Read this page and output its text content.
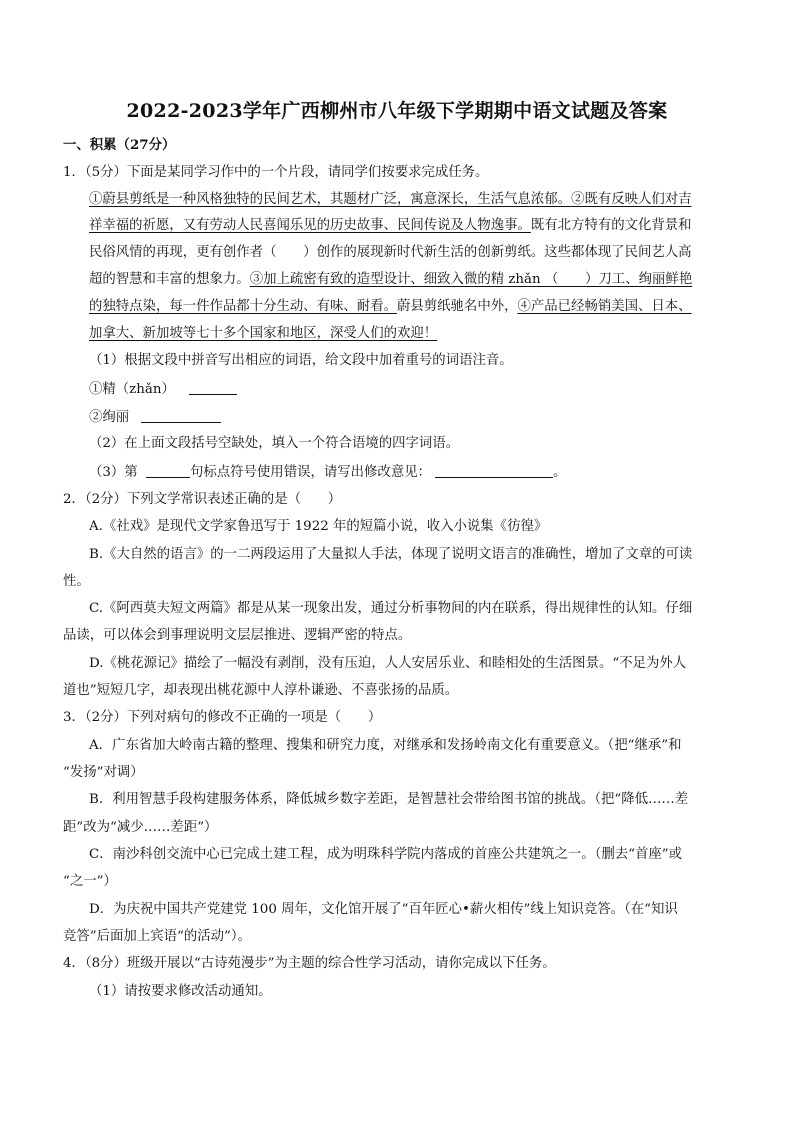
2022-2023学年广西柳州市八年级下学期期中语文试题及答案
一、积累（27分）
1．（5分）下面是某同学习作中的一个片段，请同学们按要求完成任务。
①蔚县剪纸是一种风格独特的民间艺术，其题材广泛，寓意深长，生活气息浓郁。②既有反映人们对吉
祥幸福的祈愿，又有劳动人民喜闻乐见的历史故事、民间传说及人物逸事。既有北方特有的文化背景和
民俗风情的再现，更有创作者（　　）创作的展现新时代新生活的创新剪纸。这些都体现了民间艺人高
超的智慧和丰富的想象力。③加上疏密有致的造型设计、细致入微的精 zhǎn （　　）刀工、绚丽鲜艳
的独特点染，每一件作品都十分生动、有味、耐看。蔚县剪纸驰名中外，④产品已经畅销美国、日本、
加拿大、新加坡等七十多个国家和地区，深受人们的欢迎！
（1）根据文段中拼音写出相应的词语，给文段中加着重号的词语注音。
①精（zhǎn）
②绚丽
（2）在上面文段括号空缺处，填入一个符合语境的四字词语。
（3）第	句标点符号使用错误，请写出修改意见：	。
2．（2分）下列文学常识表述正确的是（　　）
A.《社戏》是现代文学家鲁迅写于 1922 年的短篇小说，收入小说集《彷徨》
B.《大自然的语言》的一二两段运用了大量拟人手法，体现了说明文语言的准确性，增加了文章的可读
性。
C.《阿西莫夫短文两篇》都是从某一现象出发，通过分析事物间的内在联系，得出规律性的认知。仔细
品读，可以体会到事理说明文层层推进、逻辑严密的特点。
D.《桃花源记》描绘了一幅没有剥削，没有压迫，人人安居乐业、和睦相处的生活图景。“不足为外人
道也”短短几字，却表现出桃花源中人淳朴谦逊、不喜张扬的品质。
3．（2分）下列对病句的修改不正确的一项是（　　）
A．广东省加大岭南古籍的整理、搜集和研究力度，对继承和发扬岭南文化有重要意义。（把“继承”和
“发扬”对调）
B．利用智慧手段构建服务体系，降低城乡数字差距，是智慧社会带给图书馆的挑战。（把“降低……差
距”改为“减少……差距”）
C．南沙科创交流中心已完成土建工程，成为明珠科学院内落成的首座公共建筑之一。（删去“首座”或
“之一”）
D．为庆祝中国共产党建党 100 周年，文化馆开展了“百年匠心•薪火相传”线上知识竞答。（在“知识
竞答”后面加上宾语“的活动”）。
4．（8分）班级开展以“古诗苑漫步”为主题的综合性学习活动，请你完成以下任务。
（1）请按要求修改活动通知。
